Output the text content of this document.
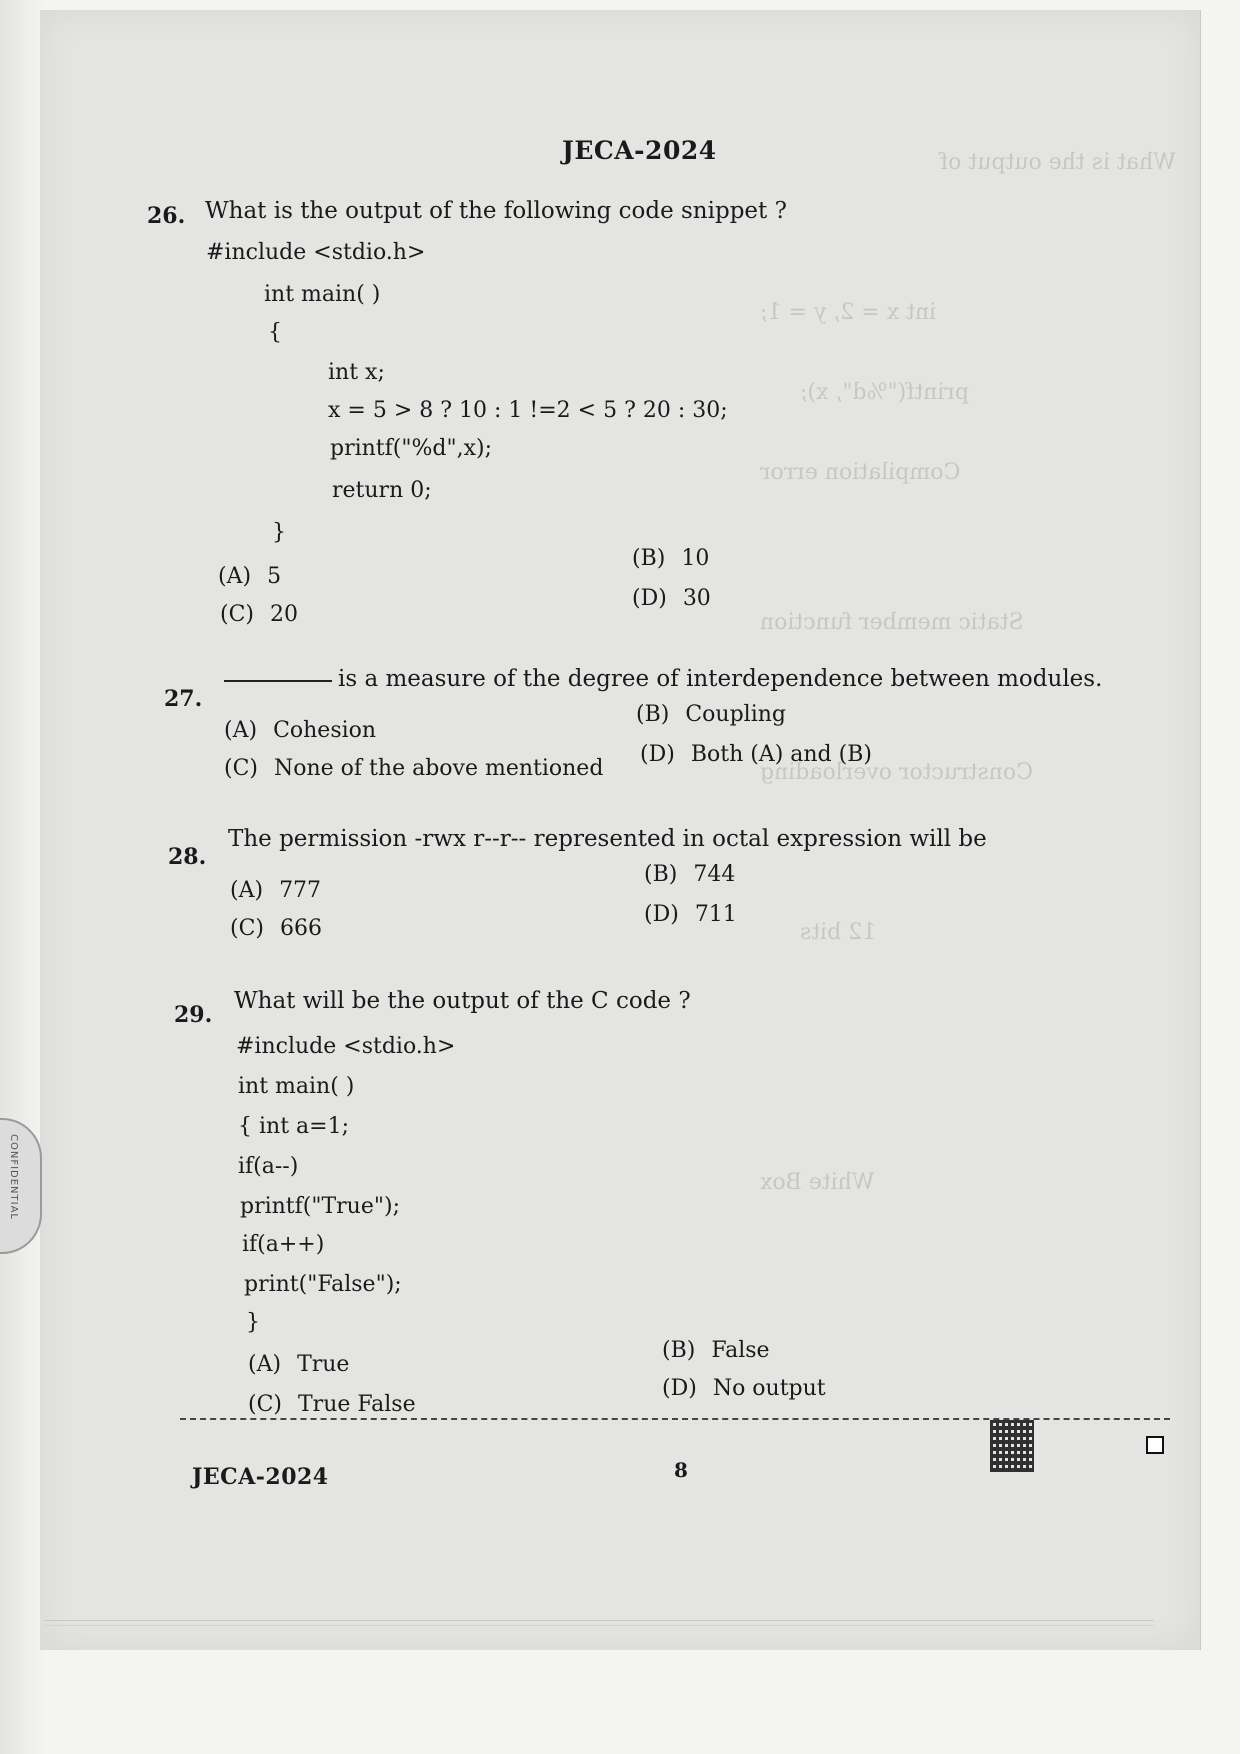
CONFIDENTIAL
JECA-2024
26. What is the output of the following code snippet ?
#include <stdio.h>
int main( )
{
int x;
x = 5 > 8 ? 10 : 1 !=2 < 5 ? 20 : 30;
printf("%d",x);
return 0;
}
(A) 5
(B) 10
(C) 20
(D) 30
27.
is a measure of the degree of interdependence between modules.
(A) Cohesion
(B) Coupling
(C) None of the above mentioned
(D) Both (A) and (B)
28.
The permission -rwx r--r-- represented in octal expression will be
(A) 777
(B) 744
(C) 666
(D) 711
29.
What will be the output of the C code ?
#include <stdio.h>
int main( )
{ int a=1;
if(a--)
printf("True");
if(a++)
print("False");
}
(A) True
(B) False
(C) True False
(D) No output
JECA-2024	8
